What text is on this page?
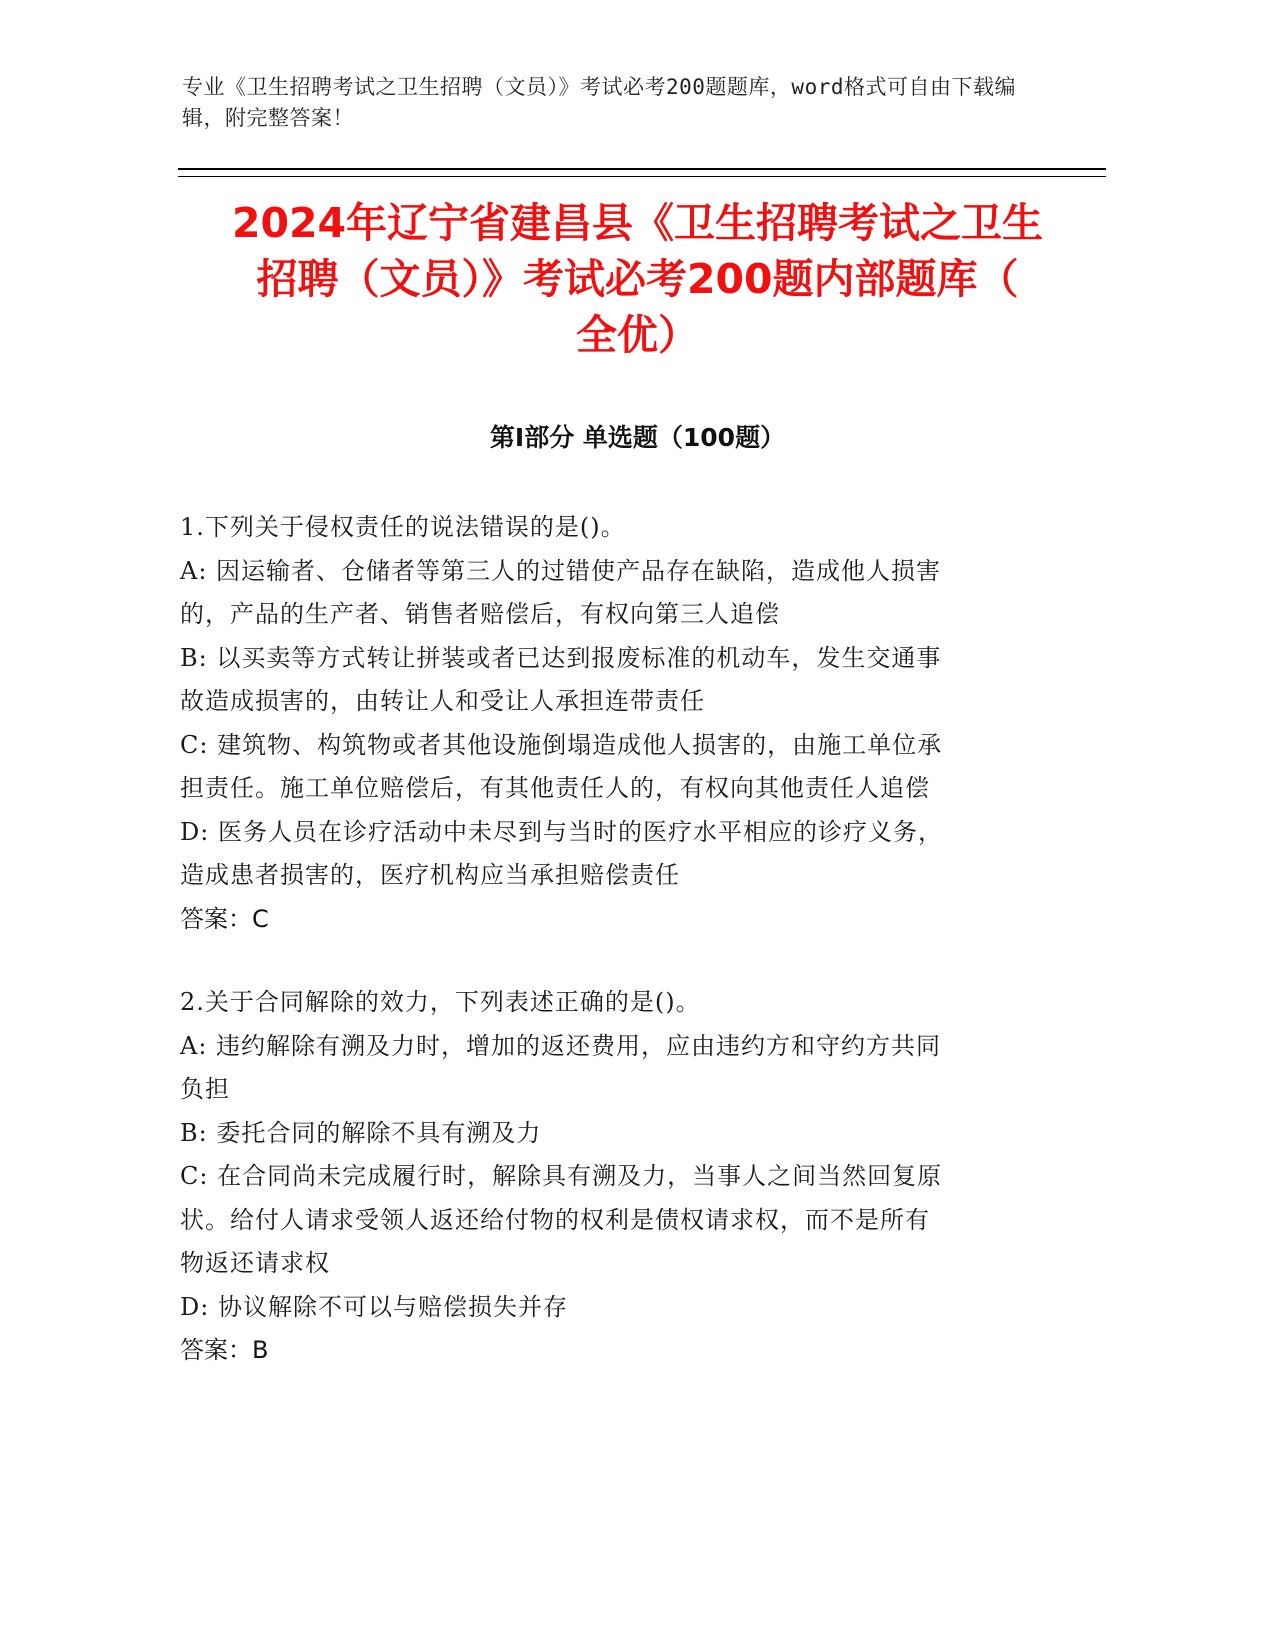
专业《卫生招聘考试之卫生招聘（文员）》考试必考200题题库，word格式可自由下载编辑，附完整答案！
2024年辽宁省建昌县《卫生招聘考试之卫生
招聘（文员）》考试必考200题内部题库（
全优）
第Ⅰ部分 单选题（100题）

1.下列关于侵权责任的说法错误的是()。

A: 因运输者、仓储者等第三人的过错使产品存在缺陷，造成他人损害

的，产品的生产者、销售者赔偿后，有权向第三人追偿

B: 以买卖等方式转让拼装或者已达到报废标准的机动车，发生交通事

故造成损害的，由转让人和受让人承担连带责任

C: 建筑物、构筑物或者其他设施倒塌造成他人损害的，由施工单位承

担责任。施工单位赔偿后，有其他责任人的，有权向其他责任人追偿

D: 医务人员在诊疗活动中未尽到与当时的医疗水平相应的诊疗义务，

造成患者损害的，医疗机构应当承担赔偿责任

答案：C

2.关于合同解除的效力，下列表述正确的是()。

A: 违约解除有溯及力时，增加的返还费用，应由违约方和守约方共同

负担

B: 委托合同的解除不具有溯及力

C: 在合同尚未完成履行时，解除具有溯及力，当事人之间当然回复原

状。给付人请求受领人返还给付物的权利是债权请求权，而不是所有

物返还请求权

D: 协议解除不可以与赔偿损失并存

答案：B
